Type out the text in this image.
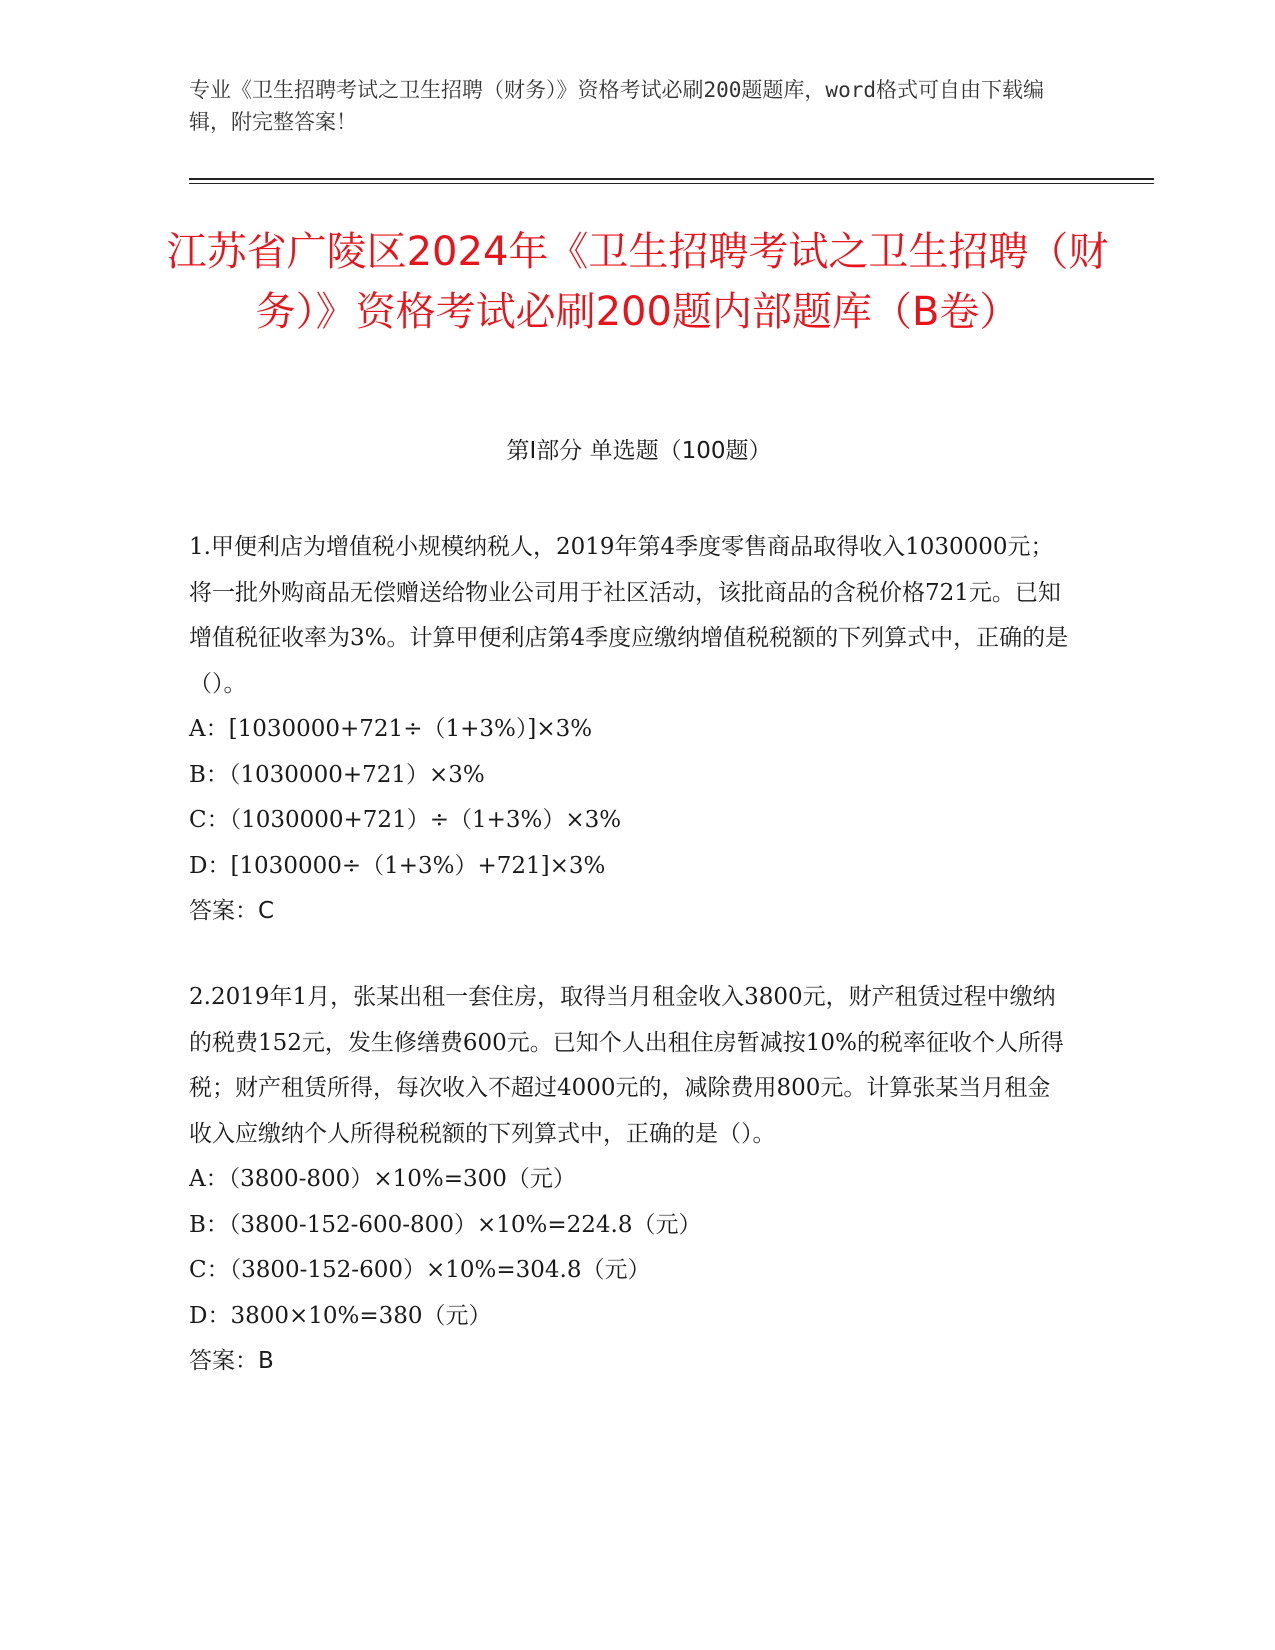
专业《卫生招聘考试之卫生招聘（财务）》资格考试必刷200题题库，word格式可自由下载编辑，附完整答案！
江苏省广陵区2024年《卫生招聘考试之卫生招聘（财务）》资格考试必刷200题内部题库（B卷）
第Ⅰ部分 单选题（100题）
1.甲便利店为增值税小规模纳税人，2019年第4季度零售商品取得收入1030000元；将一批外购商品无偿赠送给物业公司用于社区活动，该批商品的含税价格721元。已知增值税征收率为3%。计算甲便利店第4季度应缴纳增值税税额的下列算式中，正确的是（）。
A：[1030000+721÷（1+3%）]×3%
B：（1030000+721）×3%
C：（1030000+721）÷（1+3%）×3%
D：[1030000÷（1+3%）+721]×3%
答案：C
2.2019年1月，张某出租一套住房，取得当月租金收入3800元，财产租赁过程中缴纳的税费152元，发生修缮费600元。已知个人出租住房暂减按10%的税率征收个人所得税；财产租赁所得，每次收入不超过4000元的，减除费用800元。计算张某当月租金收入应缴纳个人所得税税额的下列算式中，正确的是（）。
A：（3800-800）×10%=300（元）
B：（3800-152-600-800）×10%=224.8（元）
C：（3800-152-600）×10%=304.8（元）
D：3800×10%=380（元）
答案：B
